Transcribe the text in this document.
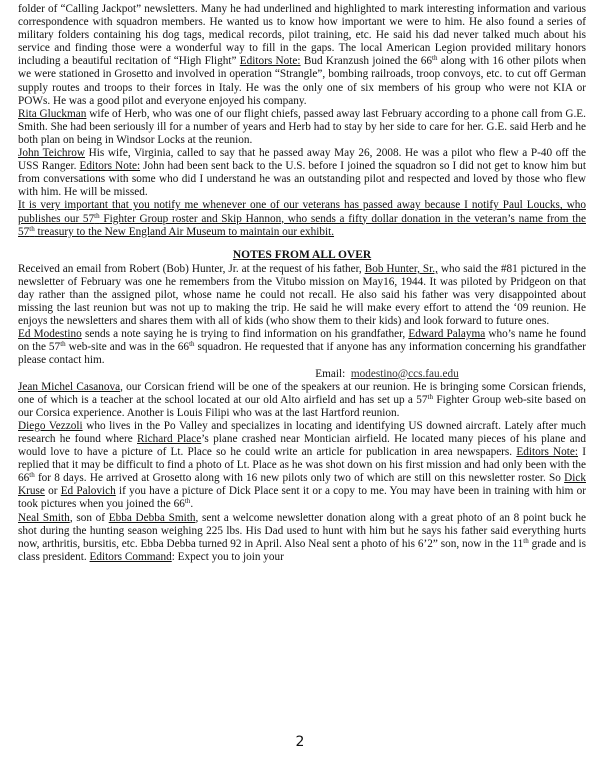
folder of “Calling Jackpot” newsletters. Many he had underlined and highlighted to mark interesting information and various correspondence with squadron members. He wanted us to know how important we were to him. He also found a series of military folders containing his dog tags, medical records, pilot training, etc. He said his dad never talked much about his service and finding those were a wonderful way to fill in the gaps. The local American Legion provided military honors including a beautiful recitation of “High Flight” Editors Note: Bud Kranzush joined the 66th along with 16 other pilots when we were stationed in Grosetto and involved in operation “Strangle”, bombing railroads, troop convoys, etc. to cut off German supply routes and troops to their forces in Italy. He was the only one of six members of his group who were not KIA or POWs. He was a good pilot and everyone enjoyed his company.

Rita Gluckman wife of Herb, who was one of our flight chiefs, passed away last February according to a phone call from G.E. Smith. She had been seriously ill for a number of years and Herb had to stay by her side to care for her. G.E. said Herb and he both plan on being in Windsor Locks at the reunion.

John Teichrow His wife, Virginia, called to say that he passed away May 26, 2008. He was a pilot who flew a P-40 off the USS Ranger. Editors Note: John had been sent back to the U.S. before I joined the squadron so I did not get to know him but from conversations with some who did I understand he was an outstanding pilot and respected and loved by those who flew with him. He will be missed.

It is very important that you notify me whenever one of our veterans has passed away because I notify Paul Loucks, who publishes our 57th Fighter Group roster and Skip Hannon, who sends a fifty dollar donation in the veteran’s name from the 57th treasury to the New England Air Museum to maintain our exhibit.

NOTES FROM ALL OVER

Received an email from Robert (Bob) Hunter, Jr. at the request of his father, Bob Hunter, Sr., who said the #81 pictured in the newsletter of February was one he remembers from the Vitubo mission on May16, 1944. It was piloted by Pridgeon on that day rather than the assigned pilot, whose name he could not recall. He also said his father was very disappointed about missing the last reunion but was not up to making the trip. He said he will make every effort to attend the ‘09 reunion. He enjoys the newsletters and shares them with all of kids (who show them to their kids) and look forward to future ones.

Ed Modestino sends a note saying he is trying to find information on his grandfather, Edward Palayma who’s name he found on the 57th web-site and was in the 66th squadron. He requested that if anyone has any information concerning his grandfather please contact him.

Email: modestino@ccs.fau.edu

Jean Michel Casanova, our Corsican friend will be one of the speakers at our reunion. He is bringing some Corsican friends, one of which is a teacher at the school located at our old Alto airfield and has set up a 57th Fighter Group web-site based on our Corsica experience. Another is Louis Filipi who was at the last Hartford reunion.

Diego Vezzoli who lives in the Po Valley and specializes in locating and identifying US downed aircraft. Lately after much research he found where Richard Place’s plane crashed near Montician airfield. He located many pieces of his plane and would love to have a picture of Lt. Place so he could write an article for publication in area newspapers. Editors Note: I replied that it may be difficult to find a photo of Lt. Place as he was shot down on his first mission and had only been with the 66th for 8 days. He arrived at Grosetto along with 16 new pilots only two of which are still on this newsletter roster. So Dick Kruse or Ed Palovich if you have a picture of Dick Place sent it or a copy to me. You may have been in training with him or took pictures when you joined the 66th.

Neal Smith, son of Ebba Debba Smith, sent a welcome newsletter donation along with a great photo of an 8 point buck he shot during the hunting season weighing 225 lbs. His Dad used to hunt with him but he says his father said everything hurts now, arthritis, bursitis, etc. Ebba Debba turned 92 in April. Also Neal sent a photo of his 6’2” son, now in the 11th grade and is class president. Editors Command: Expect you to join your

2
